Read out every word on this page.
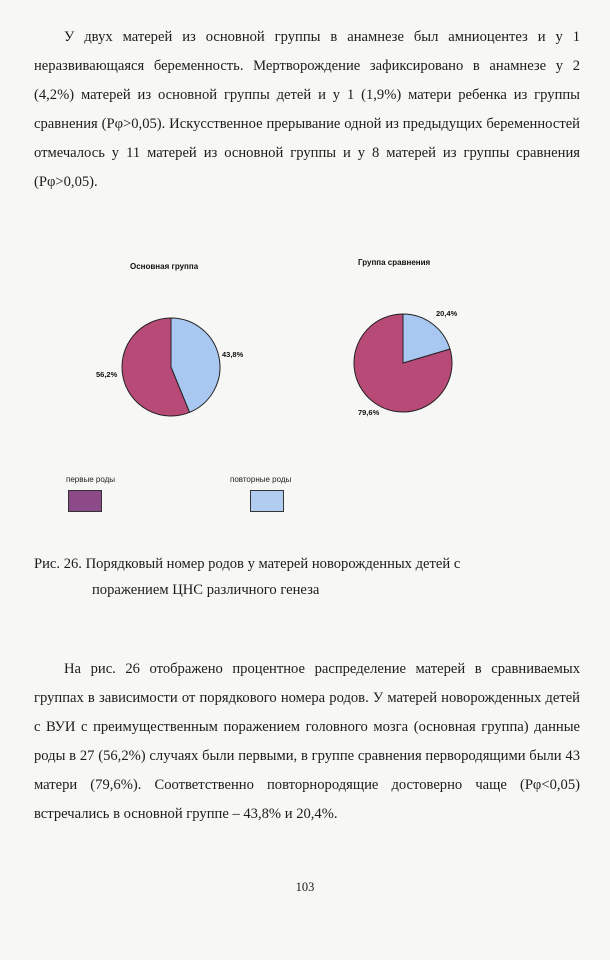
У двух матерей из основной группы в анамнезе был амниоцентез и у 1 неразвивающаяся беременность. Мертворождение зафиксировано в анамнезе у 2 (4,2%) матерей из основной группы детей и у 1 (1,9%) матери ребенка из группы сравнения (Рφ>0,05). Искусственное прерывание одной из предыдущих беременностей отмечалось у 11 матерей из основной группы и у 8 матерей из группы сравнения (Рφ>0,05).

Основная группа
43,8%
56,2%
Группа сравнения
20,4%
79,6%
первые роды	повторные роды
Рис. 26. Порядковый номер родов у матерей новорожденных детей с
поражением ЦНС различного генеза

На рис. 26 отображено процентное распределение матерей в сравниваемых группах в зависимости от порядкового номера родов. У матерей новорожденных детей с ВУИ с преимущественным поражением головного мозга (основная группа) данные роды в 27 (56,2%) случаях были первыми, в группе сравнения первородящими были 43 матери (79,6%). Соответственно повторнородящие достоверно чаще (Рφ<0,05) встречались в основной группе – 43,8% и 20,4%.

103
